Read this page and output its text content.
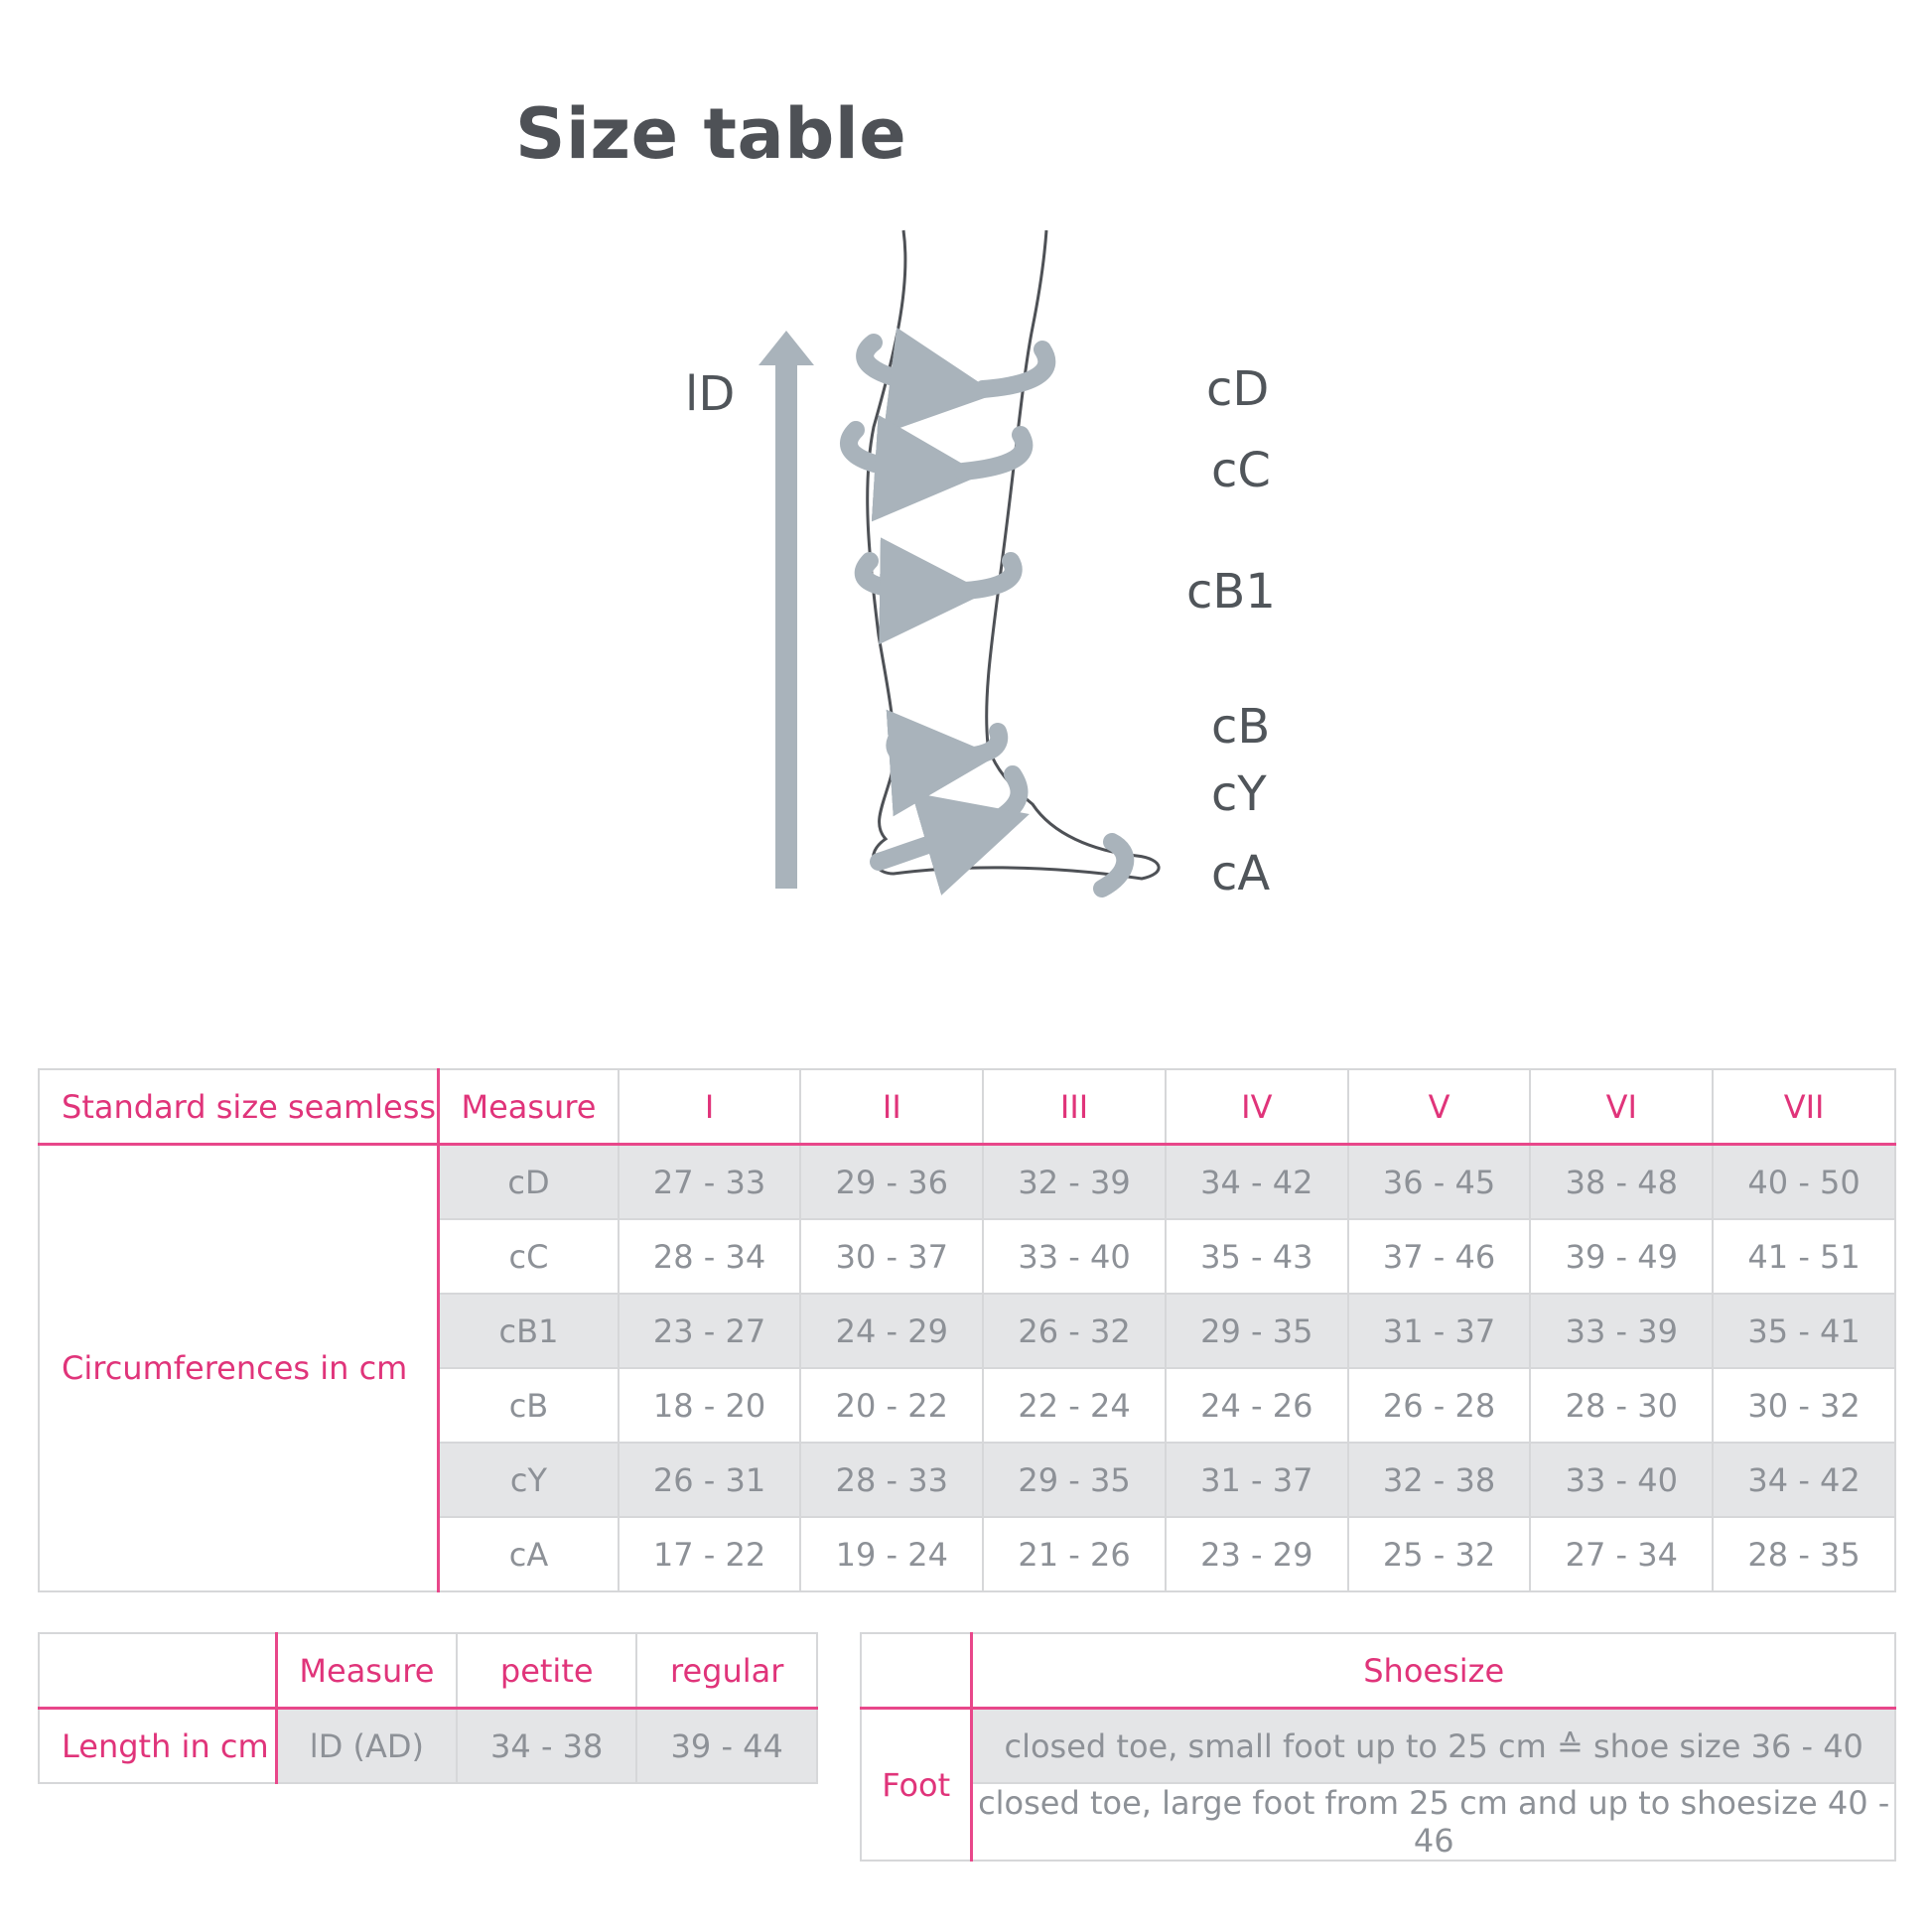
Size table
lD	cD
cC
cB1
cB
cY
cA
Standard size seamless	Measure	I	II	III	IV	V	VI	VII
Circumferences in cm	cD	27 - 33	29 - 36	32 - 39	34 - 42	36 - 45	38 - 48	40 - 50
	cC	28 - 34	30 - 37	33 - 40	35 - 43	37 - 46	39 - 49	41 - 51
	cB1	23 - 27	24 - 29	26 - 32	29 - 35	31 - 37	33 - 39	35 - 41
	cB	18 - 20	20 - 22	22 - 24	24 - 26	26 - 28	28 - 30	30 - 32
	cY	26 - 31	28 - 33	29 - 35	31 - 37	32 - 38	33 - 40	34 - 42
	cA	17 - 22	19 - 24	21 - 26	23 - 29	25 - 32	27 - 34	28 - 35
	Measure	petite	regular
Length in cm	lD (AD)	34 - 38	39 - 44
	Shoesize
Foot	closed toe, small foot up to 25 cm ≙ shoe size 36 - 40
	closed toe, large foot from 25 cm and up to shoesize 40 - 46
